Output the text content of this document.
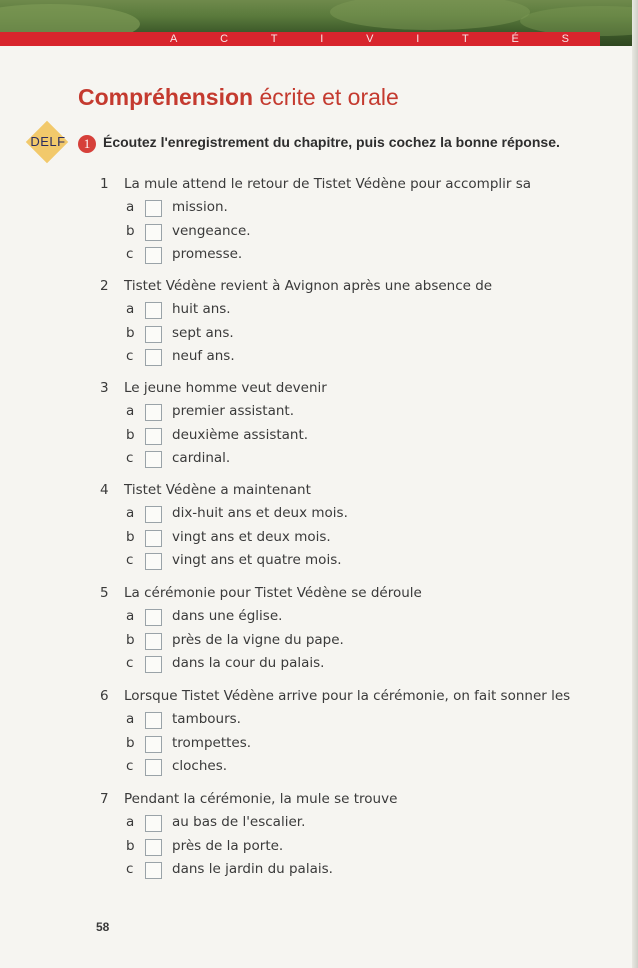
A	C	T	I	V	I	T	É	S
Compréhension écrite et orale
DELF	1 Écoutez l'enregistrement du chapitre, puis cochez la bonne réponse.
1 La mule attend le retour de Tistet Védène pour accomplir sa
a	mission.
b	vengeance.
c	promesse.
2 Tistet Védène revient à Avignon après une absence de
a	huit ans.
b	sept ans.
c	neuf ans.
3 Le jeune homme veut devenir
a	premier assistant.
b	deuxième assistant.
c	cardinal.
4 Tistet Védène a maintenant
a	dix-huit ans et deux mois.
b	vingt ans et deux mois.
c	vingt ans et quatre mois.
5 La cérémonie pour Tistet Védène se déroule
a	dans une église.
b	près de la vigne du pape.
c	dans la cour du palais.
6 Lorsque Tistet Védène arrive pour la cérémonie, on fait sonner les
a	tambours.
b	trompettes.
c	cloches.
7 Pendant la cérémonie, la mule se trouve
a	au bas de l'escalier.
b	près de la porte.
c	dans le jardin du palais.
58
